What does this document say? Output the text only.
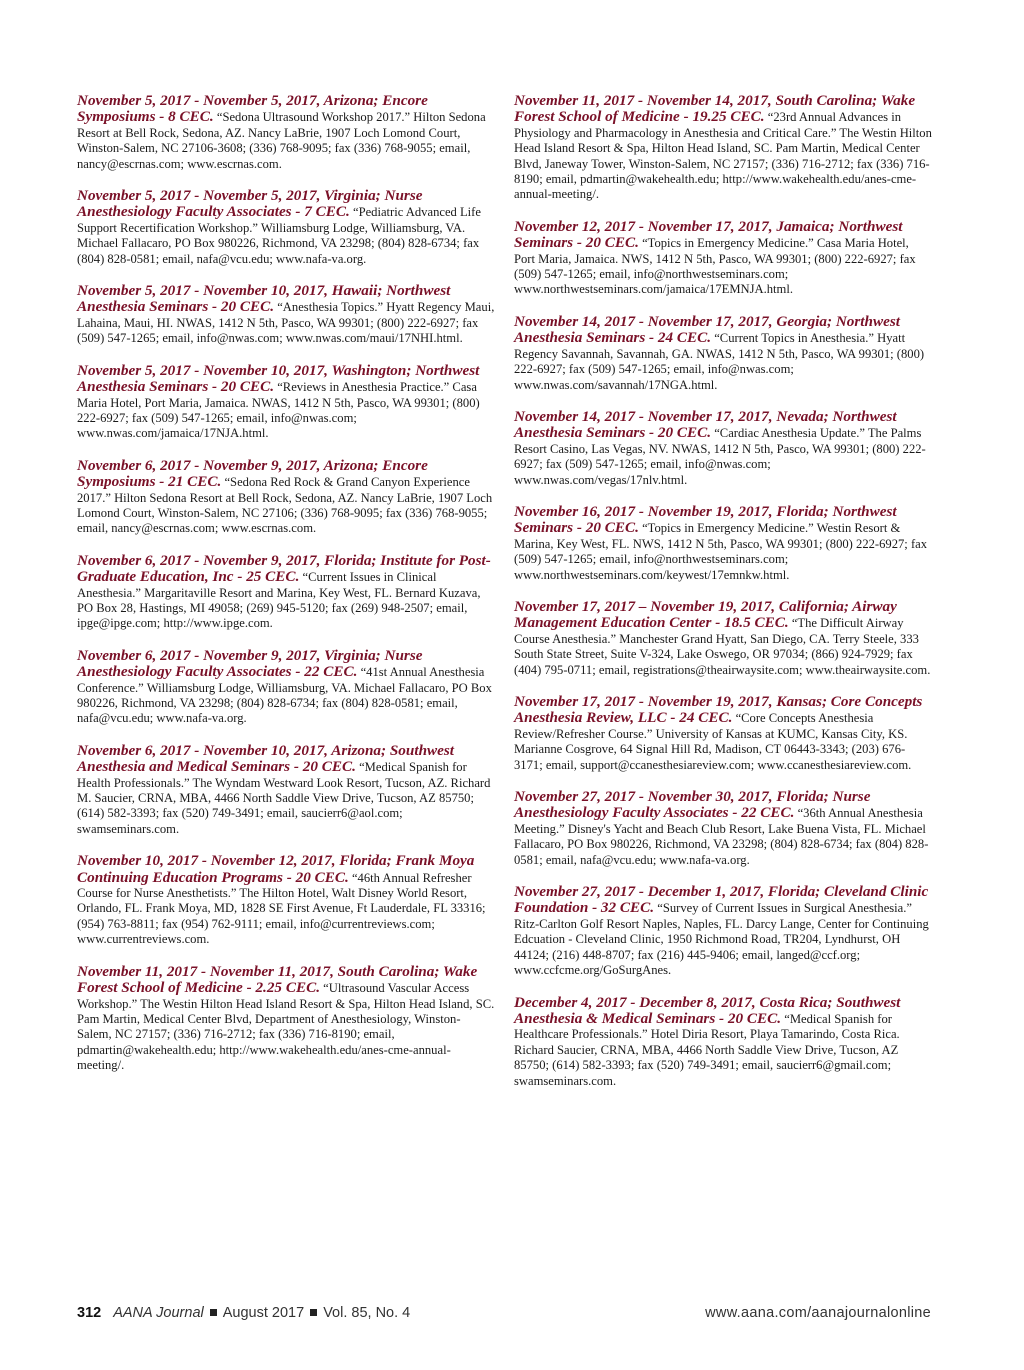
November 5, 2017 - November 5, 2017, Arizona; Encore Symposiums - 8 CEC. “Sedona Ultrasound Workshop 2017.” Hilton Sedona Resort at Bell Rock, Sedona, AZ. Nancy LaBrie, 1907 Loch Lomond Court, Winston-Salem, NC 27106-3608; (336) 768-9095; fax (336) 768-9055; email, nancy@escrnas.com; www.escrnas.com.
November 5, 2017 - November 5, 2017, Virginia; Nurse Anesthesiology Faculty Associates - 7 CEC. “Pediatric Advanced Life Support Recertification Workshop.” Williamsburg Lodge, Williamsburg, VA. Michael Fallacaro, PO Box 980226, Richmond, VA 23298; (804) 828-6734; fax (804) 828-0581; email, nafa@vcu.edu; www.nafa-va.org.
November 5, 2017 - November 10, 2017, Hawaii; Northwest Anesthesia Seminars - 20 CEC. “Anesthesia Topics.” Hyatt Regency Maui, Lahaina, Maui, HI. NWAS, 1412 N 5th, Pasco, WA 99301; (800) 222-6927; fax (509) 547-1265; email, info@nwas.com; www.nwas.com/maui/17NHI.html.
November 5, 2017 - November 10, 2017, Washington; Northwest Anesthesia Seminars - 20 CEC. “Reviews in Anesthesia Practice.” Casa Maria Hotel, Port Maria, Jamaica. NWAS, 1412 N 5th, Pasco, WA 99301; (800) 222-6927; fax (509) 547-1265; email, info@nwas.com; www.nwas.com/jamaica/17NJA.html.
November 6, 2017 - November 9, 2017, Arizona; Encore Symposiums - 21 CEC. “Sedona Red Rock & Grand Canyon Experience 2017.” Hilton Sedona Resort at Bell Rock, Sedona, AZ. Nancy LaBrie, 1907 Loch Lomond Court, Winston-Salem, NC 27106; (336) 768-9095; fax (336) 768-9055; email, nancy@escrnas.com; www.escrnas.com.
November 6, 2017 - November 9, 2017, Florida; Institute for Post-Graduate Education, Inc - 25 CEC. “Current Issues in Clinical Anesthesia.” Margaritaville Resort and Marina, Key West, FL. Bernard Kuzava, PO Box 28, Hastings, MI 49058; (269) 945-5120; fax (269) 948-2507; email, ipge@ipge.com; http://www.ipge.com.
November 6, 2017 - November 9, 2017, Virginia; Nurse Anesthesiology Faculty Associates - 22 CEC. “41st Annual Anesthesia Conference.” Williamsburg Lodge, Williamsburg, VA. Michael Fallacaro, PO Box 980226, Richmond, VA 23298; (804) 828-6734; fax (804) 828-0581; email, nafa@vcu.edu; www.nafa-va.org.
November 6, 2017 - November 10, 2017, Arizona; Southwest Anesthesia and Medical Seminars - 20 CEC. “Medical Spanish for Health Professionals.” The Wyndam Westward Look Resort, Tucson, AZ. Richard M. Saucier, CRNA, MBA, 4466 North Saddle View Drive, Tucson, AZ 85750; (614) 582-3393; fax (520) 749-3491; email, saucierr6@aol.com; swamseminars.com.
November 10, 2017 - November 12, 2017, Florida; Frank Moya Continuing Education Programs - 20 CEC. “46th Annual Refresher Course for Nurse Anesthetists.” The Hilton Hotel, Walt Disney World Resort, Orlando, FL. Frank Moya, MD, 1828 SE First Avenue, Ft Lauderdale, FL 33316; (954) 763-8811; fax (954) 762-9111; email, info@currentreviews.com; www.currentreviews.com.
November 11, 2017 - November 11, 2017, South Carolina; Wake Forest School of Medicine - 2.25 CEC. “Ultrasound Vascular Access Workshop.” The Westin Hilton Head Island Resort & Spa, Hilton Head Island, SC. Pam Martin, Medical Center Blvd, Department of Anesthesiology, Winston-Salem, NC 27157; (336) 716-2712; fax (336) 716-8190; email, pdmartin@wakehealth.edu; http://www.wakehealth.edu/anes-cme-annual-meeting/.
November 11, 2017 - November 14, 2017, South Carolina; Wake Forest School of Medicine - 19.25 CEC. “23rd Annual Advances in Physiology and Pharmacology in Anesthesia and Critical Care.” The Westin Hilton Head Island Resort & Spa, Hilton Head Island, SC. Pam Martin, Medical Center Blvd, Janeway Tower, Winston-Salem, NC 27157; (336) 716-2712; fax (336) 716-8190; email, pdmartin@wakehealth.edu; http://www.wakehealth.edu/anes-cme-annual-meeting/.
November 12, 2017 - November 17, 2017, Jamaica; Northwest Seminars - 20 CEC. “Topics in Emergency Medicine.” Casa Maria Hotel, Port Maria, Jamaica. NWS, 1412 N 5th, Pasco, WA 99301; (800) 222-6927; fax (509) 547-1265; email, info@northwestseminars.com; www.northwestseminars.com/jamaica/17EMNJA.html.
November 14, 2017 - November 17, 2017, Georgia; Northwest Anesthesia Seminars - 24 CEC. “Current Topics in Anesthesia.” Hyatt Regency Savannah, Savannah, GA. NWAS, 1412 N 5th, Pasco, WA 99301; (800) 222-6927; fax (509) 547-1265; email, info@nwas.com; www.nwas.com/savannah/17NGA.html.
November 14, 2017 - November 17, 2017, Nevada; Northwest Anesthesia Seminars - 20 CEC. “Cardiac Anesthesia Update.” The Palms Resort Casino, Las Vegas, NV. NWAS, 1412 N 5th, Pasco, WA 99301; (800) 222-6927; fax (509) 547-1265; email, info@nwas.com; www.nwas.com/vegas/17nlv.html.
November 16, 2017 - November 19, 2017, Florida; Northwest Seminars - 20 CEC. “Topics in Emergency Medicine.” Westin Resort & Marina, Key West, FL. NWS, 1412 N 5th, Pasco, WA 99301; (800) 222-6927; fax (509) 547-1265; email, info@northwestseminars.com; www.northwestseminars.com/keywest/17emnkw.html.
November 17, 2017 – November 19, 2017, California; Airway Management Education Center - 18.5 CEC. “The Difficult Airway Course Anesthesia.” Manchester Grand Hyatt, San Diego, CA. Terry Steele, 333 South State Street, Suite V-324, Lake Oswego, OR 97034; (866) 924-7929; fax (404) 795-0711; email, registrations@theairwaysite.com; www.theairwaysite.com.
November 17, 2017 - November 19, 2017, Kansas; Core Concepts Anesthesia Review, LLC - 24 CEC. “Core Concepts Anesthesia Review/Refresher Course.” University of Kansas at KUMC, Kansas City, KS. Marianne Cosgrove, 64 Signal Hill Rd, Madison, CT 06443-3343; (203) 676-3171; email, support@ccanesthesiareview.com; www.ccanesthesiareview.com.
November 27, 2017 - November 30, 2017, Florida; Nurse Anesthesiology Faculty Associates - 22 CEC. “36th Annual Anesthesia Meeting.” Disney's Yacht and Beach Club Resort, Lake Buena Vista, FL. Michael Fallacaro, PO Box 980226, Richmond, VA 23298; (804) 828-6734; fax (804) 828-0581; email, nafa@vcu.edu; www.nafa-va.org.
November 27, 2017 - December 1, 2017, Florida; Cleveland Clinic Foundation - 32 CEC. “Survey of Current Issues in Surgical Anesthesia.” Ritz-Carlton Golf Resort Naples, Naples, FL. Darcy Lange, Center for Continuing Edcuation - Cleveland Clinic, 1950 Richmond Road, TR204, Lyndhurst, OH 44124; (216) 448-8707; fax (216) 445-9406; email, langed@ccf.org; www.ccfcme.org/GoSurgAnes.
December 4, 2017 - December 8, 2017, Costa Rica; Southwest Anesthesia & Medical Seminars - 20 CEC. “Medical Spanish for Healthcare Professionals.” Hotel Diria Resort, Playa Tamarindo, Costa Rica. Richard Saucier, CRNA, MBA, 4466 North Saddle View Drive, Tucson, AZ 85750; (614) 582-3393; fax (520) 749-3491; email, saucierr6@gmail.com; swamseminars.com.
312 AANA Journal August 2017 Vol. 85, No. 4	www.aana.com/aanajournalonline
